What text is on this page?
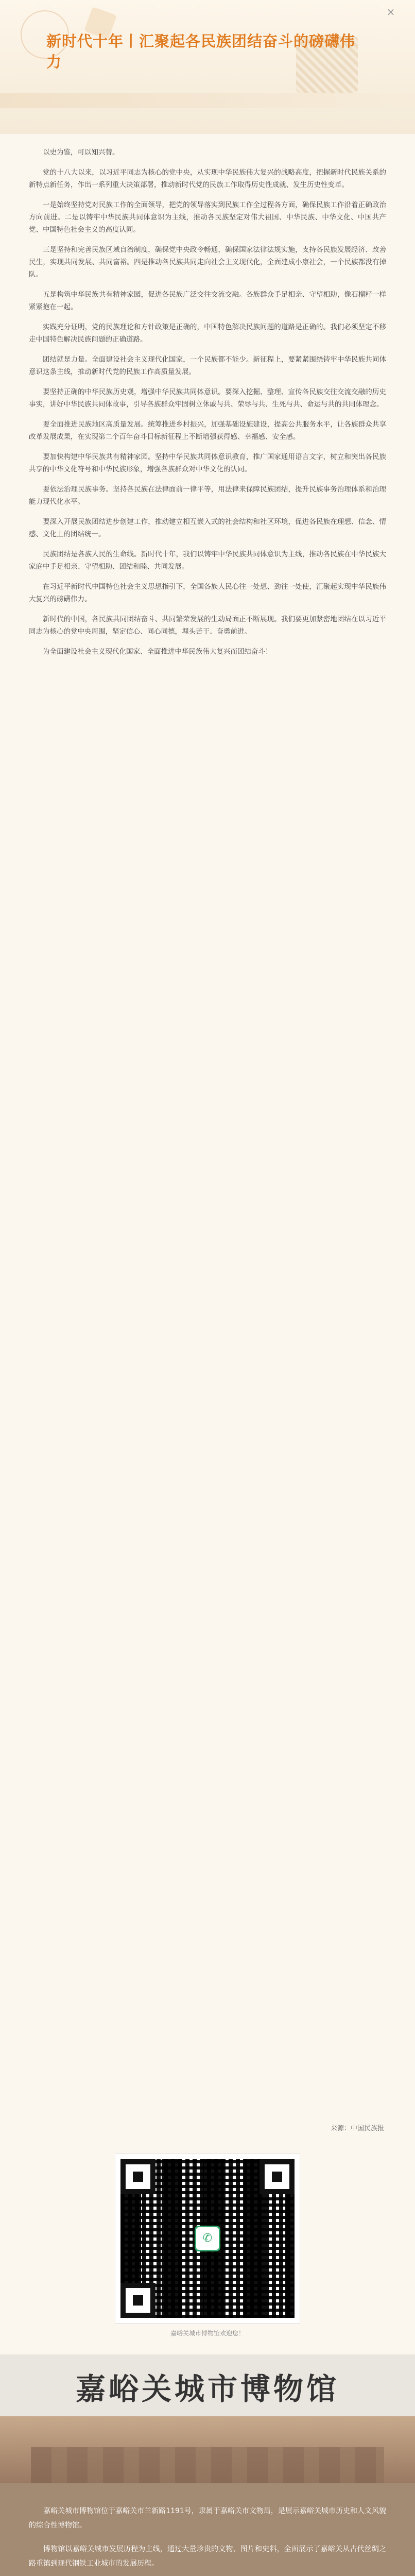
新时代十年丨汇聚起各民族团结奋斗的磅礴伟力
×

以史为鉴，可以知兴替。

党的十八大以来，以习近平同志为核心的党中央，从实现中华民族伟大复兴的战略高度，把握新时代民族关系的新特点新任务，作出一系列重大决策部署，推动新时代党的民族工作取得历史性成就、发生历史性变革。

一是始终坚持党对民族工作的全面领导，把党的领导落实到民族工作全过程各方面，确保民族工作沿着正确政治方向前进。二是以铸牢中华民族共同体意识为主线，推动各民族坚定对伟大祖国、中华民族、中华文化、中国共产党、中国特色社会主义的高度认同。

三是坚持和完善民族区域自治制度，确保党中央政令畅通，确保国家法律法规实施，支持各民族发展经济、改善民生，实现共同发展、共同富裕。四是推动各民族共同走向社会主义现代化，全面建成小康社会，一个民族都没有掉队。

五是构筑中华民族共有精神家园，促进各民族广泛交往交流交融。各族群众手足相亲、守望相助，像石榴籽一样紧紧抱在一起。

实践充分证明，党的民族理论和方针政策是正确的，中国特色解决民族问题的道路是正确的。我们必须坚定不移走中国特色解决民族问题的正确道路。

团结就是力量。全面建设社会主义现代化国家，一个民族都不能少。新征程上，要紧紧围绕铸牢中华民族共同体意识这条主线，推动新时代党的民族工作高质量发展。

要坚持正确的中华民族历史观，增强中华民族共同体意识。要深入挖掘、整理、宣传各民族交往交流交融的历史事实，讲好中华民族共同体故事，引导各族群众牢固树立休戚与共、荣辱与共、生死与共、命运与共的共同体理念。

要全面推进民族地区高质量发展。统筹推进乡村振兴，加强基础设施建设，提高公共服务水平，让各族群众共享改革发展成果，在实现第二个百年奋斗目标新征程上不断增强获得感、幸福感、安全感。

要加快构建中华民族共有精神家园。坚持中华民族共同体意识教育，推广国家通用语言文字，树立和突出各民族共享的中华文化符号和中华民族形象，增强各族群众对中华文化的认同。

要依法治理民族事务。坚持各民族在法律面前一律平等，用法律来保障民族团结，提升民族事务治理体系和治理能力现代化水平。

要深入开展民族团结进步创建工作，推动建立相互嵌入式的社会结构和社区环境，促进各民族在理想、信念、情感、文化上的团结统一。

民族团结是各族人民的生命线。新时代十年，我们以铸牢中华民族共同体意识为主线，推动各民族在中华民族大家庭中手足相亲、守望相助、团结和睦、共同发展。

在习近平新时代中国特色社会主义思想指引下，全国各族人民心往一处想、劲往一处使，汇聚起实现中华民族伟大复兴的磅礴伟力。

新时代的中国，各民族共同团结奋斗、共同繁荣发展的生动局面正不断展现。我们要更加紧密地团结在以习近平同志为核心的党中央周围，坚定信心、同心同德，埋头苦干、奋勇前进。

为全面建设社会主义现代化国家、全面推进中华民族伟大复兴而团结奋斗！

来源：中国民族报
✆
嘉峪关城市博物馆欢迎您！
嘉峪关城市博物馆

嘉峪关城市博物馆位于嘉峪关市兰新路1191号，隶属于嘉峪关市文物局，是展示嘉峪关城市历史和人文风貌的综合性博物馆。

博物馆以嘉峪关城市发展历程为主线，通过大量珍贵的文物、图片和史料，全面展示了嘉峪关从古代丝绸之路重镇到现代钢铁工业城市的发展历程。
